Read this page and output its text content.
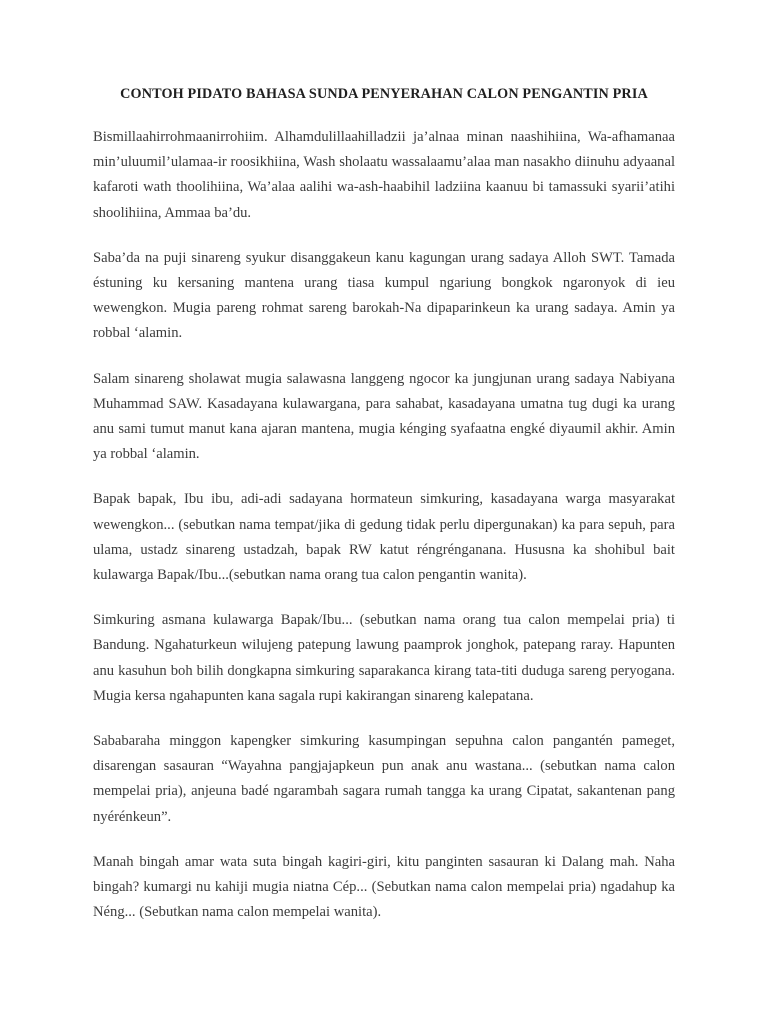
CONTOH PIDATO BAHASA SUNDA PENYERAHAN CALON PENGANTIN PRIA

Bismillaahirrohmaanirrohiim. Alhamdulillaahilladzii ja’alnaa minan naashihiina, Wa-afhamanaa min’uluumil’ulamaa-ir roosikhiina, Wash sholaatu wassalaamu’alaa man nasakho diinuhu adyaanal kafaroti wath thoolihiina, Wa’alaa aalihi wa-ash-haabihil ladziina kaanuu bi tamassuki syarii’atihi shoolihiina, Ammaa ba’du.

Saba’da na puji sinareng syukur disanggakeun kanu kagungan urang sadaya Alloh SWT. Tamada éstuning ku kersaning mantena urang tiasa kumpul ngariung bongkok ngaronyok di ieu wewengkon. Mugia pareng rohmat sareng barokah-Na dipaparinkeun ka urang sadaya. Amin ya robbal ‘alamin.

Salam sinareng sholawat mugia salawasna langgeng ngocor ka jungjunan urang sadaya Nabiyana Muhammad SAW. Kasadayana kulawargana, para sahabat, kasadayana umatna tug dugi ka urang anu sami tumut manut kana ajaran mantena, mugia kénging syafaatna engké diyaumil akhir. Amin ya robbal ‘alamin.

Bapak bapak, Ibu ibu, adi-adi sadayana hormateun simkuring, kasadayana warga masyarakat wewengkon... (sebutkan nama tempat/jika di gedung tidak perlu dipergunakan) ka para sepuh, para ulama, ustadz sinareng ustadzah, bapak RW katut réngrénganana. Hususna ka shohibul bait kulawarga Bapak/Ibu...(sebutkan nama orang tua calon pengantin wanita).

Simkuring asmana kulawarga Bapak/Ibu... (sebutkan nama orang tua calon mempelai pria) ti Bandung. Ngahaturkeun wilujeng patepung lawung paamprok jonghok, patepang raray. Hapunten anu kasuhun boh bilih dongkapna simkuring saparakanca kirang tata-titi duduga sareng peryogana. Mugia kersa ngahapunten kana sagala rupi kakirangan sinareng kalepatana.

Sababaraha minggon kapengker simkuring kasumpingan sepuhna calon pangantén pameget, disarengan sasauran “Wayahna pangjajapkeun pun anak anu wastana... (sebutkan nama calon mempelai pria), anjeuna badé ngarambah sagara rumah tangga ka urang Cipatat, sakantenan pang nyérénkeun”.

Manah bingah amar wata suta bingah kagiri-giri, kitu panginten sasauran ki Dalang mah. Naha bingah? kumargi nu kahiji mugia niatna Cép... (Sebutkan nama calon mempelai pria) ngadahup ka Néng... (Sebutkan nama calon mempelai wanita).
